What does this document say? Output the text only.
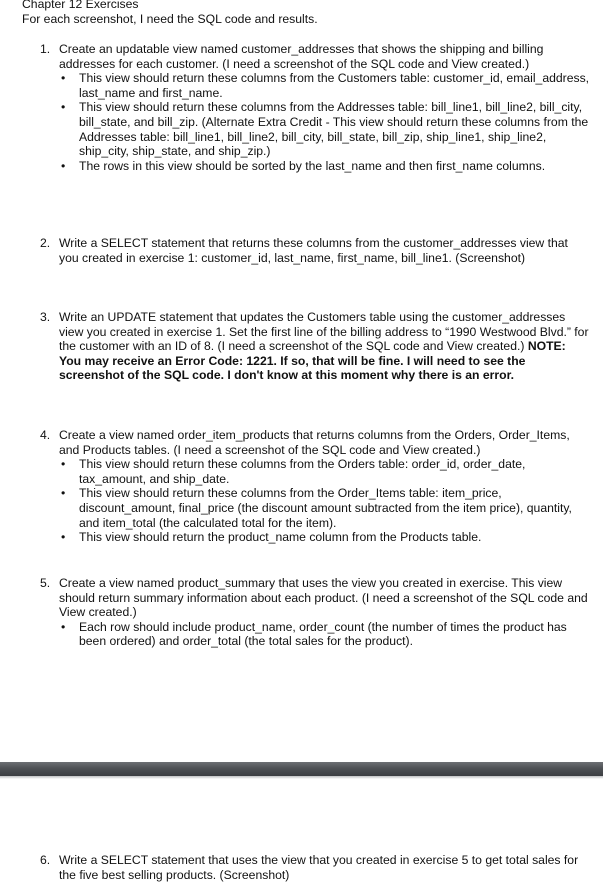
Chapter 12 Exercises
For each screenshot, I need the SQL code and results.
1. Create an updatable view named customer_addresses that shows the shipping and billing addresses for each customer. (I need a screenshot of the SQL code and View created.)
• This view should return these columns from the Customers table: customer_id, email_address, last_name and first_name.
• This view should return these columns from the Addresses table: bill_line1, bill_line2, bill_city, bill_state, and bill_zip. (Alternate Extra Credit - This view should return these columns from the Addresses table: bill_line1, bill_line2, bill_city, bill_state, bill_zip, ship_line1, ship_line2, ship_city, ship_state, and ship_zip.)
• The rows in this view should be sorted by the last_name and then first_name columns.
2. Write a SELECT statement that returns these columns from the customer_addresses view that you created in exercise 1: customer_id, last_name, first_name, bill_line1. (Screenshot)
3. Write an UPDATE statement that updates the Customers table using the customer_addresses view you created in exercise 1. Set the first line of the billing address to “1990 Westwood Blvd.” for the customer with an ID of 8. (I need a screenshot of the SQL code and View created.) NOTE: You may receive an Error Code: 1221. If so, that will be fine. I will need to see the screenshot of the SQL code. I don't know at this moment why there is an error.
4. Create a view named order_item_products that returns columns from the Orders, Order_Items, and Products tables. (I need a screenshot of the SQL code and View created.)
• This view should return these columns from the Orders table: order_id, order_date, tax_amount, and ship_date.
• This view should return these columns from the Order_Items table: item_price, discount_amount, final_price (the discount amount subtracted from the item price), quantity, and item_total (the calculated total for the item).
• This view should return the product_name column from the Products table.
5. Create a view named product_summary that uses the view you created in exercise. This view should return summary information about each product. (I need a screenshot of the SQL code and View created.)
• Each row should include product_name, order_count (the number of times the product has been ordered) and order_total (the total sales for the product).
6. Write a SELECT statement that uses the view that you created in exercise 5 to get total sales for the five best selling products. (Screenshot)
